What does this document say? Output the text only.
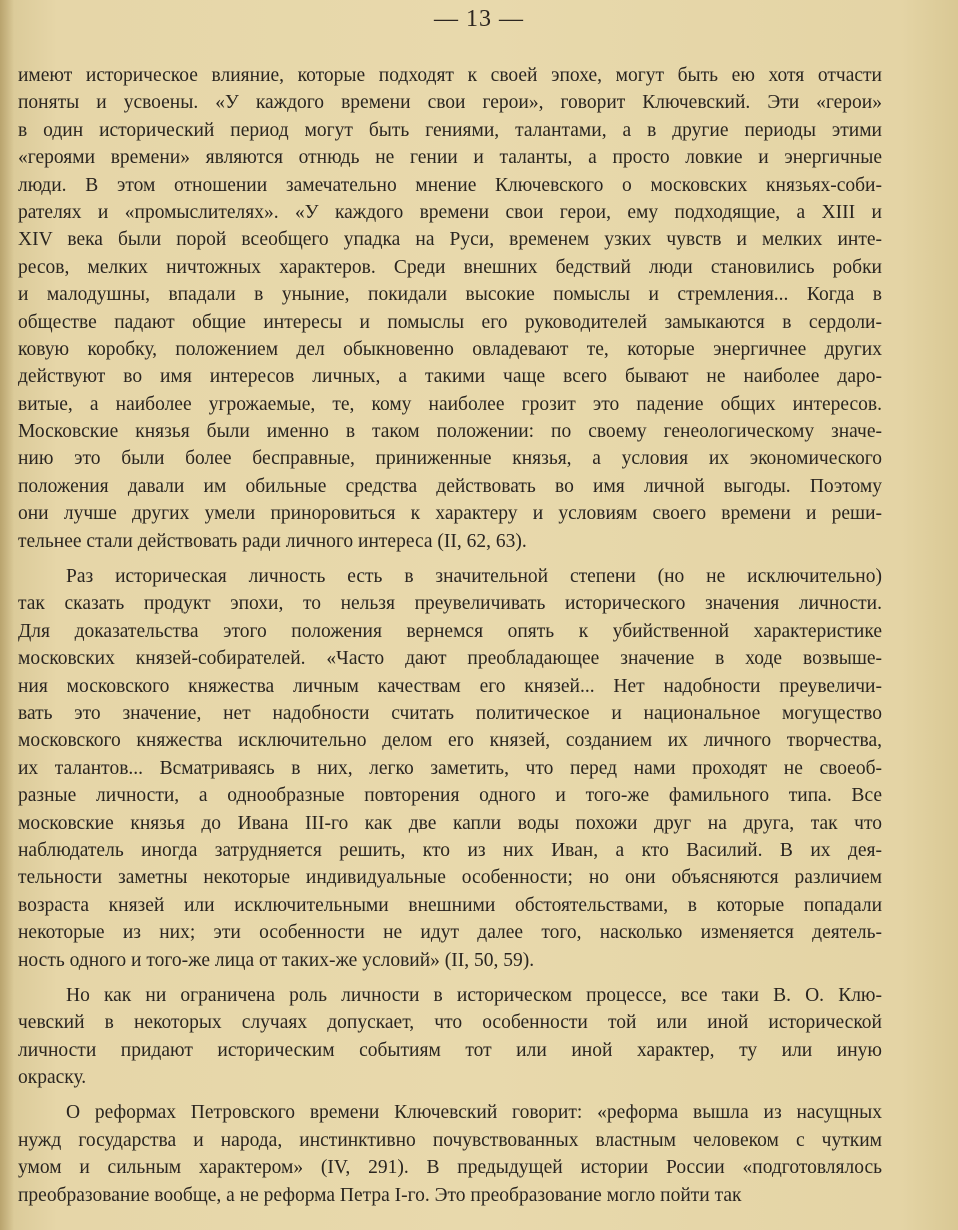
— 13 —
имеют историческое влияние, которые подходят к своей эпохе, могут быть ею хотя отчасти
поняты и усвоены. «У каждого времени свои герои», говорит Ключевский. Эти «герои»
в один исторический период могут быть гениями, талантами, а в другие периоды этими
«героями времени» являются отнюдь не гении и таланты, а просто ловкие и энергичные
люди. В этом отношении замечательно мнение Ключевского о московских князьях-соби-
рателях и «промыслителях». «У каждого времени свои герои, ему подходящие, а XIII и
XIV века были порой всеобщего упадка на Руси, временем узких чувств и мелких инте-
ресов, мелких ничтожных характеров. Среди внешних бедствий люди становились робки
и малодушны, впадали в уныние, покидали высокие помыслы и стремления... Когда в
обществе падают общие интересы и помыслы его руководителей замыкаются в сердоли-
ковую коробку, положением дел обыкновенно овладевают те, которые энергичнее других
действуют во имя интересов личных, а такими чаще всего бывают не наиболее даро-
витые, а наиболее угрожаемые, те, кому наиболее грозит это падение общих интересов.
Московские князья были именно в таком положении: по своему генеологическому значе-
нию это были более бесправные, приниженные князья, а условия их экономического
положения давали им обильные средства действовать во имя личной выгоды. Поэтому
они лучше других умели приноровиться к характеру и условиям своего времени и реши-
тельнее стали действовать ради личного интереса (II, 62, 63).
Раз историческая личность есть в значительной степени (но не исключительно)
так сказать продукт эпохи, то нельзя преувеличивать исторического значения личности.
Для доказательства этого положения вернемся опять к убийственной характеристике
московских князей-собирателей. «Часто дают преобладающее значение в ходе возвыше-
ния московского княжества личным качествам его князей... Нет надобности преувеличи-
вать это значение, нет надобности считать политическое и национальное могущество
московского княжества исключительно делом его князей, созданием их личного творчества,
их талантов... Всматриваясь в них, легко заметить, что перед нами проходят не своеоб-
разные личности, а однообразные повторения одного и того-же фамильного типа. Все
московские князья до Ивана III-го как две капли воды похожи друг на друга, так что
наблюдатель иногда затрудняется решить, кто из них Иван, а кто Василий. В их дея-
тельности заметны некоторые индивидуальные особенности; но они объясняются различием
возраста князей или исключительными внешними обстоятельствами, в которые попадали
некоторые из них; эти особенности не идут далее того, насколько изменяется деятель-
ность одного и того-же лица от таких-же условий» (II, 50, 59).
Но как ни ограничена роль личности в историческом процессе, все таки В. О. Клю-
чевский в некоторых случаях допускает, что особенности той или иной исторической
личности придают историческим событиям тот или иной характер, ту или иную
окраску.
О реформах Петровского времени Ключевский говорит: «реформа вышла из насущных
нужд государства и народа, инстинктивно почувствованных властным человеком с чутким
умом и сильным характером» (IV, 291). В предыдущей истории России «подготовлялось
преобразование вообще, а не реформа Петра I-го. Это преобразование могло пойти так
